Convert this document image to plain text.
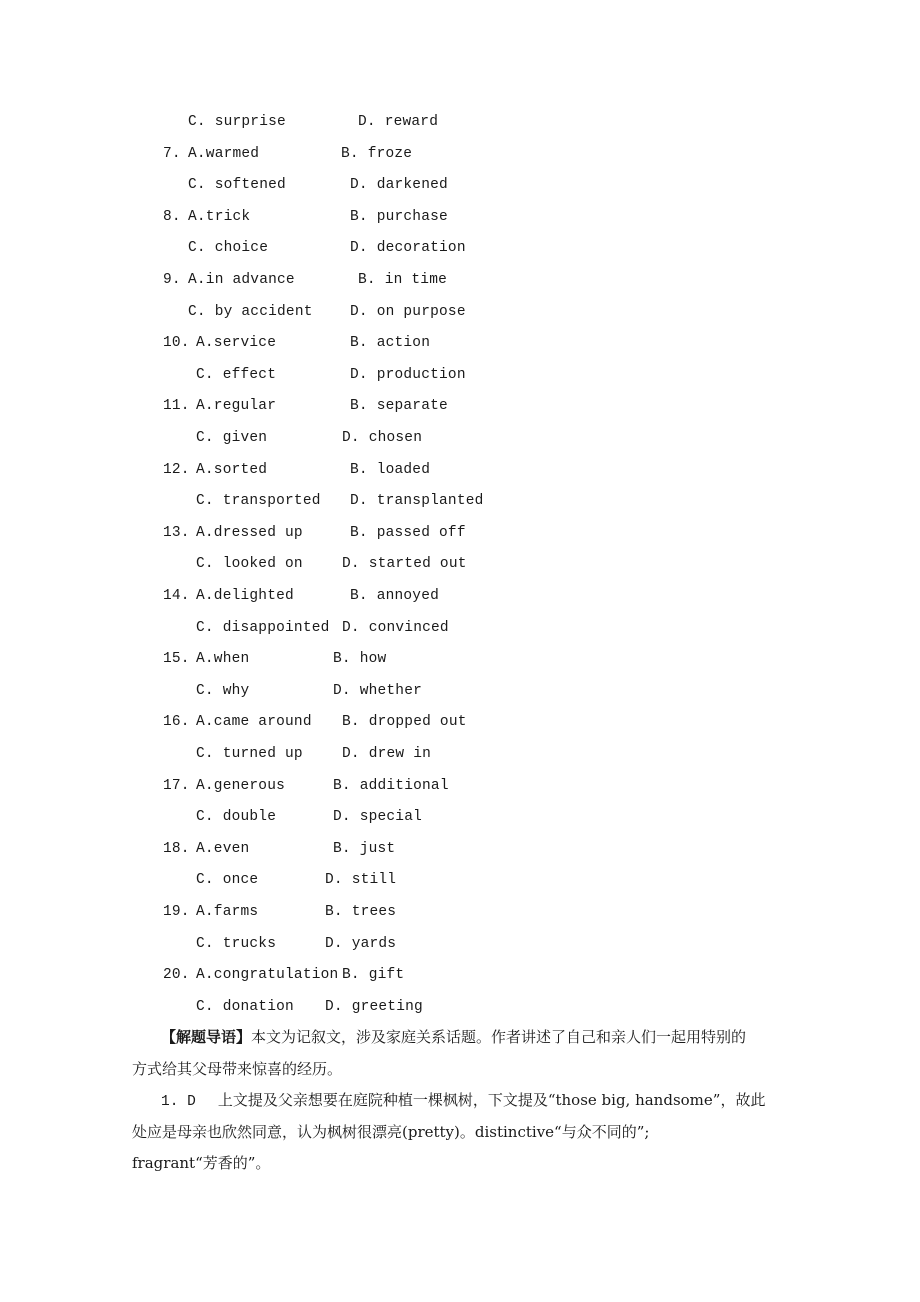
C. surprise	D. reward
7. A.warmed	B. froze
C. softened	D. darkened
8. A.trick	B. purchase
C. choice	D. decoration
9. A.in advance	B. in time
C. by accident	D. on purpose
10. A.service	B. action
C. effect	D. production
11. A.regular	B. separate
C. given	D. chosen
12. A.sorted	B. loaded
C. transported D. transplanted
13. A.dressed up	B. passed off
C. looked on	D. started out
14. A.delighted	B. annoyed
C. disappointed D. convinced
15. A.when	B. how
C. why	D. whether
16. A.came around B. dropped out
C. turned up	D. drew in
17. A.generous	B. additional
C. double	D. special
18. A.even	B. just
C. once	D. still
19. A.farms	B. trees
C. trucks	D. yards
20. A.congratulation B. gift
C. donation D. greeting
【解题导语】本文为记叙文，涉及家庭关系话题。作者讲述了自己和亲人们一起用特别的
方式给其父母带来惊喜的经历。
1. D 上文提及父亲想要在庭院种植一棵枫树，下文提及“those big, handsome”，故此
处应是母亲也欣然同意，认为枫树很漂亮(pretty)。distinctive“与众不同的”;
fragrant“芳香的”。
